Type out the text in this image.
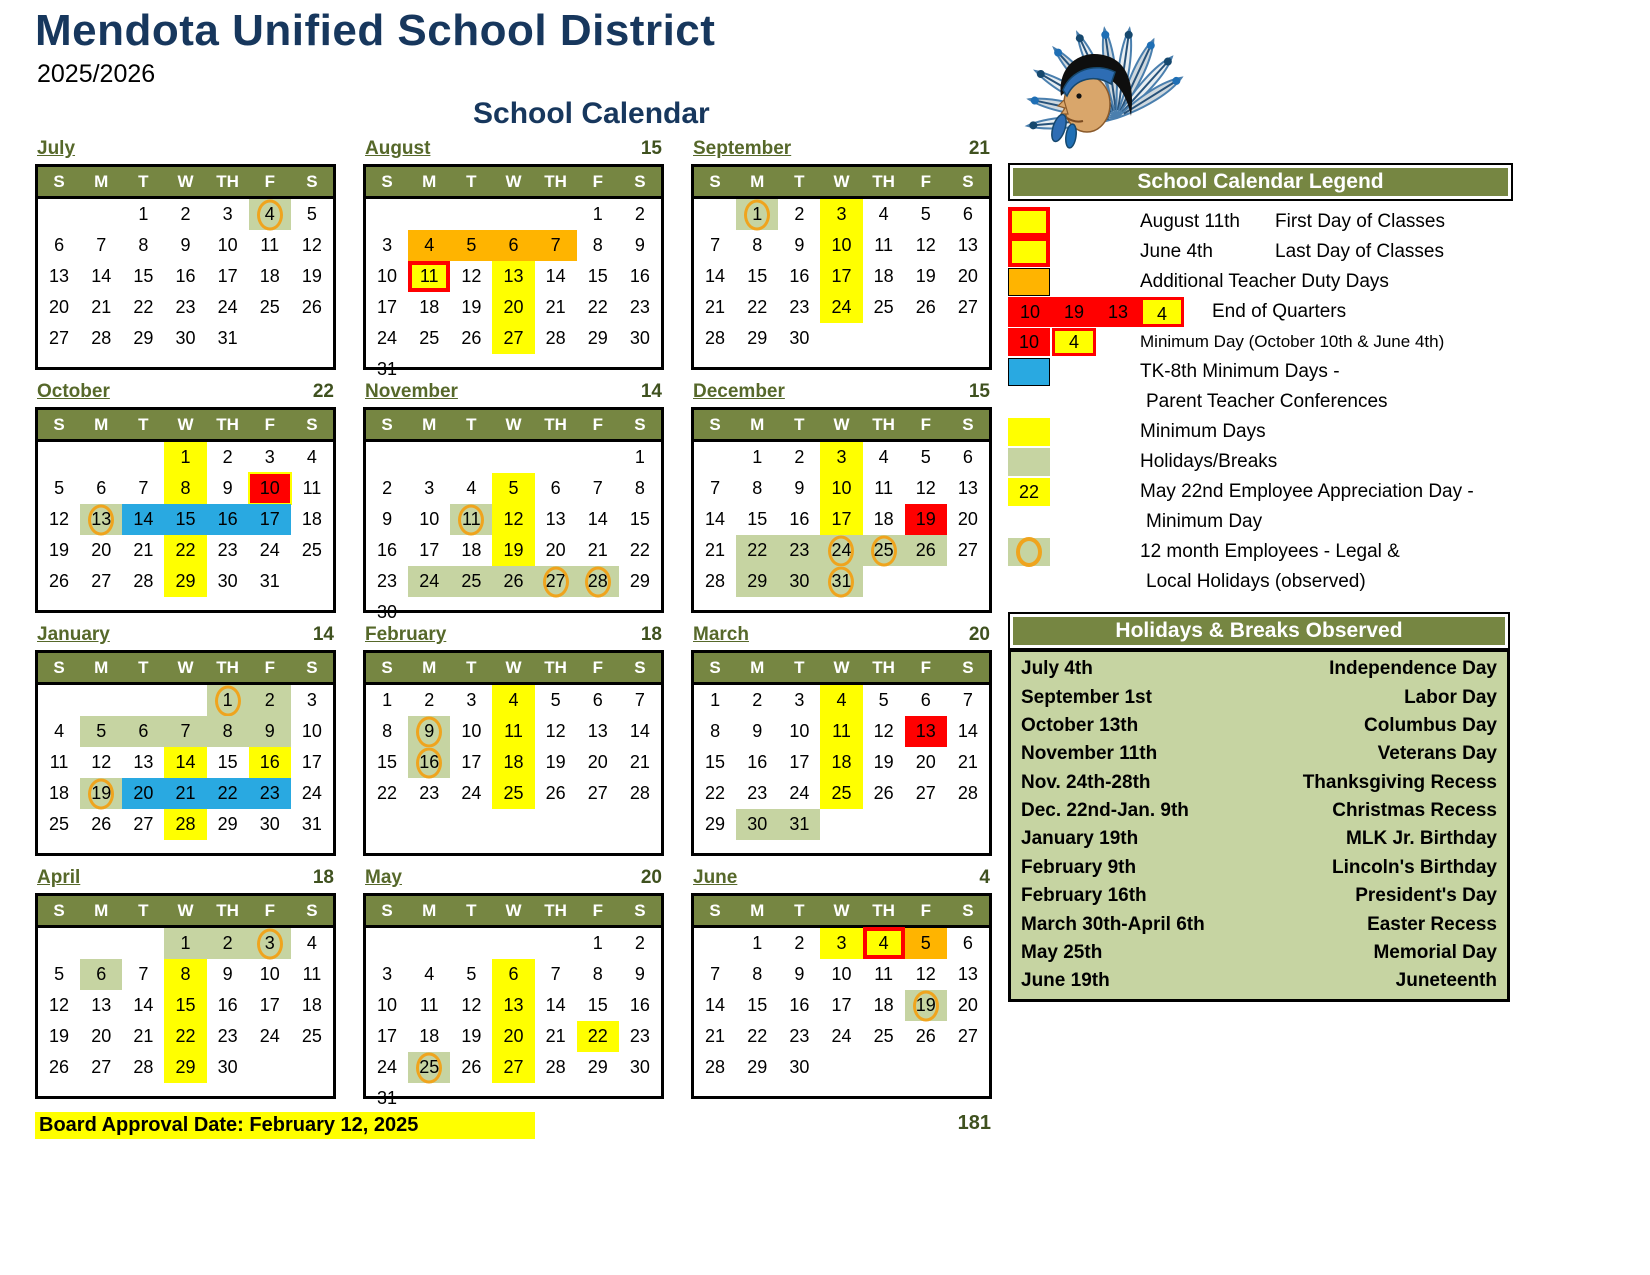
Mendota Unified School District
2025/2026
School Calendar
July
S	M	T	W	TH	F	S
		1	2	3	4	5
6	7	8	9	10	11	12
13	14	15	16	17	18	19
20	21	22	23	24	25	26
27	28	29	30	31		
August	15
S	M	T	W	TH	F	S
					1	2
3	4	5	6	7	8	9
10	11	12	13	14	15	16
17	18	19	20	21	22	23
24	25	26	27	28	29	30
31						
September	21
S	M	T	W	TH	F	S
	1	2	3	4	5	6
7	8	9	10	11	12	13
14	15	16	17	18	19	20
21	22	23	24	25	26	27
28	29	30				
October	22
S	M	T	W	TH	F	S
			1	2	3	4
5	6	7	8	9	10	11
12	13	14	15	16	17	18
19	20	21	22	23	24	25
26	27	28	29	30	31	
November	14
S	M	T	W	TH	F	S
						1
2	3	4	5	6	7	8
9	10	11	12	13	14	15
16	17	18	19	20	21	22
23	24	25	26	27	28	29
30						
December	15
S	M	T	W	TH	F	S
	1	2	3	4	5	6
7	8	9	10	11	12	13
14	15	16	17	18	19	20
21	22	23	24	25	26	27
28	29	30	31			
January	14
S	M	T	W	TH	F	S
				1	2	3
4	5	6	7	8	9	10
11	12	13	14	15	16	17
18	19	20	21	22	23	24
25	26	27	28	29	30	31
February	18
S	M	T	W	TH	F	S
1	2	3	4	5	6	7
8	9	10	11	12	13	14
15	16	17	18	19	20	21
22	23	24	25	26	27	28
March	20
S	M	T	W	TH	F	S
1	2	3	4	5	6	7
8	9	10	11	12	13	14
15	16	17	18	19	20	21
22	23	24	25	26	27	28
29	30	31				
April	18
S	M	T	W	TH	F	S
			1	2	3	4
5	6	7	8	9	10	11
12	13	14	15	16	17	18
19	20	21	22	23	24	25
26	27	28	29	30		
May	20
S	M	T	W	TH	F	S
					1	2
3	4	5	6	7	8	9
10	11	12	13	14	15	16
17	18	19	20	21	22	23
24	25	26	27	28	29	30
31						
June	4
S	M	T	W	TH	F	S
	1	2	3	4	5	6
7	8	9	10	11	12	13
14	15	16	17	18	19	20
21	22	23	24	25	26	27
28	29	30				
School Calendar Legend
August 11th	First Day of Classes
June 4th	Last Day of Classes
Additional Teacher Duty Days
10	19	13	4	End of Quarters
10	4	Minimum Day (October 10th & June 4th)
TK-8th Minimum Days -
Parent Teacher Conferences
Minimum Days
Holidays/Breaks
22	May 22nd Employee Appreciation Day -
Minimum Day
12 month Employees - Legal &
Local Holidays (observed)
Holidays & Breaks Observed
July 4th	Independence Day
September 1st	Labor Day
October 13th	Columbus Day
November 11th	Veterans Day
Nov. 24th-28th	Thanksgiving Recess
Dec. 22nd-Jan. 9th	Christmas Recess
January 19th	MLK Jr. Birthday
February 9th	Lincoln's Birthday
February 16th	President's Day
March 30th-April 6th	Easter Recess
May 25th	Memorial Day
June 19th	Juneteenth
Board Approval Date: February 12, 2025	181
